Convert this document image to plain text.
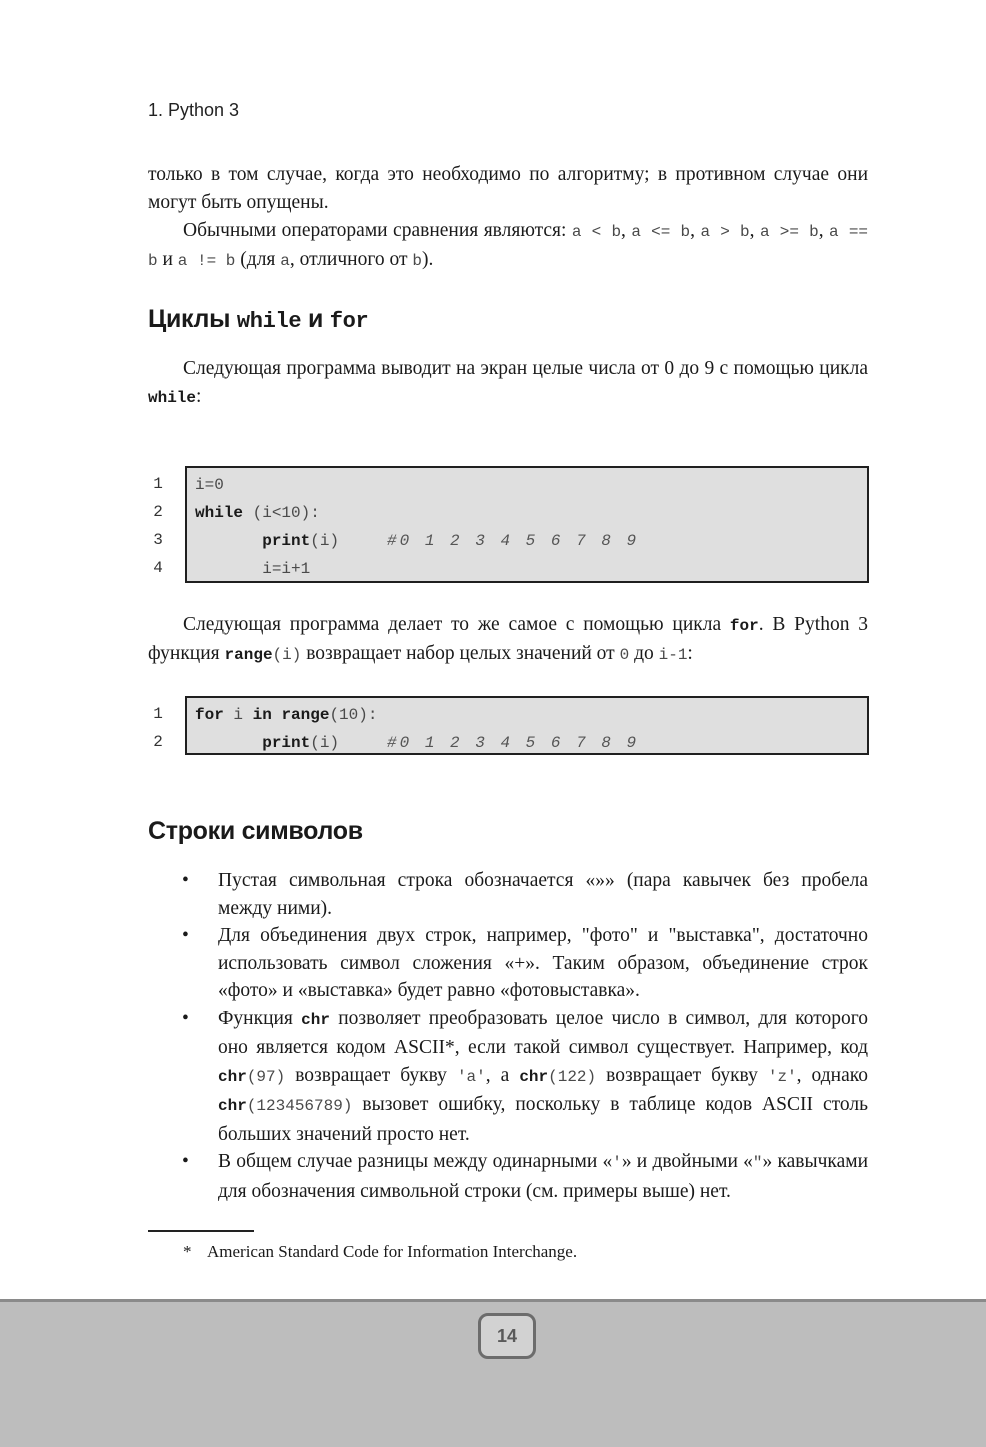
1. Python 3
только в том случае, когда это необходимо по алгоритму; в противном случае они могут быть опущены.
Обычными операторами сравнения являются: a < b, a <= b, a > b, a >= b, a == b и a != b (для a, отличного от b).
Циклы while и for
Следующая программа выводит на экран целые числа от 0 до 9 с помощью цикла while:
1
2
3
4
i=0
while (i<10):
print(i)     #0 1 2 3 4 5 6 7 8 9
i=i+1
Следующая программа делает то же самое с помощью цикла for. В Python 3 функция range(i) возвращает набор целых значений от 0 до i-1:
1
2
for i in range(10):
print(i)     #0 1 2 3 4 5 6 7 8 9
Строки символов
• Пустая символьная строка обозначается «»» (пара кавычек без пробела между ними).
• Для объединения двух строк, например, "фото" и "выставка", достаточно использовать символ сложения «+». Таким образом, объединение строк «фото» и «выставка» будет равно «фотовыставка».
• Функция chr позволяет преобразовать целое число в символ, для которого оно является кодом ASCII*, если такой символ существует. Например, код chr(97) возвращает букву 'a', а chr(122) возвращает букву 'z', однако chr(123456789) вызовет ошибку, поскольку в таблице кодов ASCII столь больших значений просто нет.
• В общем случае разницы между одинарными «'» и двойными «"» кавычками для обозначения символьной строки (см. примеры выше) нет.
* American Standard Code for Information Interchange.
14
